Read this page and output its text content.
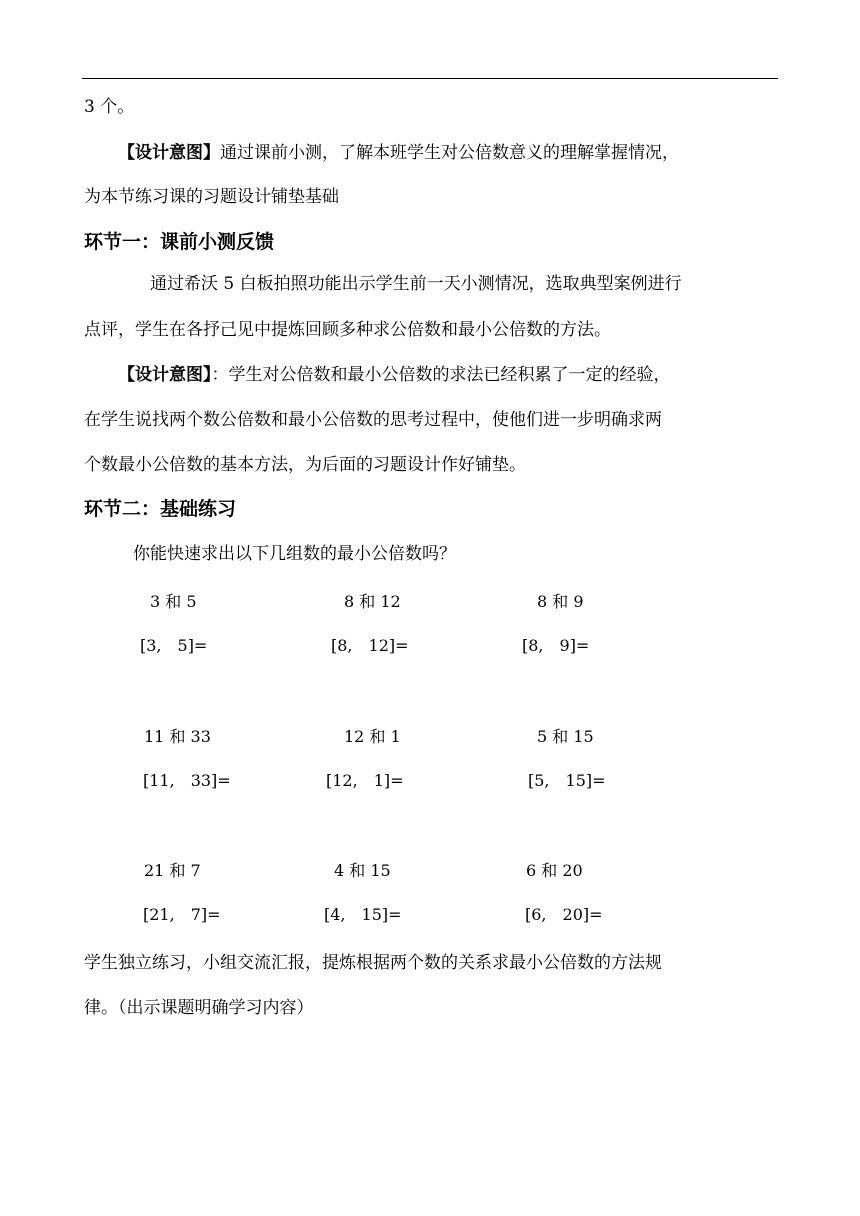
3 个。
【设计意图】通过课前小测，了解本班学生对公倍数意义的理解掌握情况，
为本节练习课的习题设计铺垫基础
环节一：课前小测反馈
通过希沃 5 白板拍照功能出示学生前一天小测情况，选取典型案例进行
点评，学生在各抒己见中提炼回顾多种求公倍数和最小公倍数的方法。
【设计意图】：学生对公倍数和最小公倍数的求法已经积累了一定的经验，
在学生说找两个数公倍数和最小公倍数的思考过程中，使他们进一步明确求两
个数最小公倍数的基本方法，为后面的习题设计作好铺垫。
环节二：基础练习
你能快速求出以下几组数的最小公倍数吗？
3 和 5
[3,　5]=
8 和 12
[8,　12]=
8 和 9
[8,　9]=
11 和 33
[11,　33]=
12 和 1
[12,　1]=
5 和 15
[5,　15]=
21 和 7
[21,　7]=
4 和 15
[4,　15]=
6 和 20
[6,　20]=
学生独立练习，小组交流汇报，提炼根据两个数的关系求最小公倍数的方法规
律。（出示课题明确学习内容）
